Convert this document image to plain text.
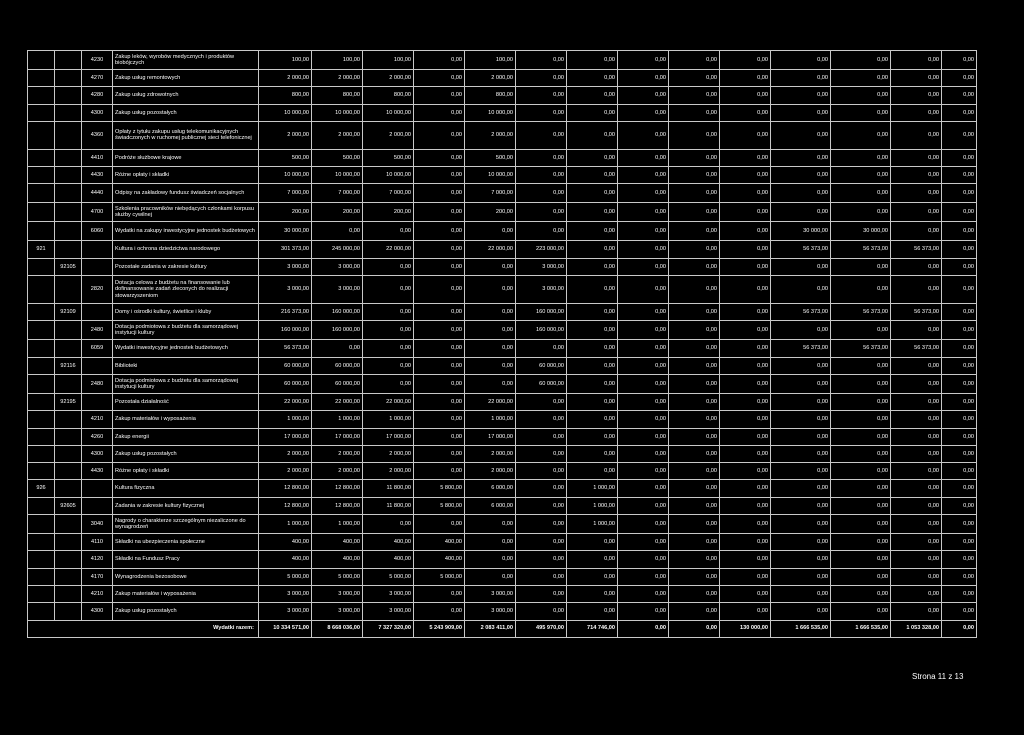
		4230	Zakup leków, wyrobów medycznych i produktów biobójczych	100,00	100,00	100,00	0,00	100,00	0,00	0,00	0,00	0,00	0,00	0,00	0,00	0,00	0,00
		4270	Zakup usług remontowych	2 000,00	2 000,00	2 000,00	0,00	2 000,00	0,00	0,00	0,00	0,00	0,00	0,00	0,00	0,00	0,00
		4280	Zakup usług zdrowotnych	800,00	800,00	800,00	0,00	800,00	0,00	0,00	0,00	0,00	0,00	0,00	0,00	0,00	0,00
		4300	Zakup usług pozostałych	10 000,00	10 000,00	10 000,00	0,00	10 000,00	0,00	0,00	0,00	0,00	0,00	0,00	0,00	0,00	0,00
		4360	Opłaty z tytułu zakupu usług telekomunikacyjnych świadczonych w ruchomej publicznej sieci telefonicznej	2 000,00	2 000,00	2 000,00	0,00	2 000,00	0,00	0,00	0,00	0,00	0,00	0,00	0,00	0,00	0,00
		4410	Podróże służbowe krajowe	500,00	500,00	500,00	0,00	500,00	0,00	0,00	0,00	0,00	0,00	0,00	0,00	0,00	0,00
		4430	Różne opłaty i składki	10 000,00	10 000,00	10 000,00	0,00	10 000,00	0,00	0,00	0,00	0,00	0,00	0,00	0,00	0,00	0,00
		4440	Odpisy na zakładowy fundusz świadczeń socjalnych	7 000,00	7 000,00	7 000,00	0,00	7 000,00	0,00	0,00	0,00	0,00	0,00	0,00	0,00	0,00	0,00
		4700	Szkolenia pracowników niebędących członkami korpusu służby cywilnej	200,00	200,00	200,00	0,00	200,00	0,00	0,00	0,00	0,00	0,00	0,00	0,00	0,00	0,00
		6060	Wydatki na zakupy inwestycyjne jednostek budżetowych	30 000,00	0,00	0,00	0,00	0,00	0,00	0,00	0,00	0,00	0,00	30 000,00	30 000,00	0,00	0,00
921			Kultura i ochrona dziedzictwa narodowego	301 373,00	245 000,00	22 000,00	0,00	22 000,00	223 000,00	0,00	0,00	0,00	0,00	56 373,00	56 373,00	56 373,00	0,00
	92105		Pozostałe zadania w zakresie kultury	3 000,00	3 000,00	0,00	0,00	0,00	3 000,00	0,00	0,00	0,00	0,00	0,00	0,00	0,00	0,00
		2820	Dotacja celowa z budżetu na finansowanie lub dofinansowanie zadań zleconych do realizacji stowarzyszeniom	3 000,00	3 000,00	0,00	0,00	0,00	3 000,00	0,00	0,00	0,00	0,00	0,00	0,00	0,00	0,00
	92109		Domy i ośrodki kultury, świetlice i kluby	216 373,00	160 000,00	0,00	0,00	0,00	160 000,00	0,00	0,00	0,00	0,00	56 373,00	56 373,00	56 373,00	0,00
		2480	Dotacja podmiotowa z budżetu dla samorządowej instytucji kultury	160 000,00	160 000,00	0,00	0,00	0,00	160 000,00	0,00	0,00	0,00	0,00	0,00	0,00	0,00	0,00
		6059	Wydatki inwestycyjne jednostek budżetowych	56 373,00	0,00	0,00	0,00	0,00	0,00	0,00	0,00	0,00	0,00	56 373,00	56 373,00	56 373,00	0,00
	92116		Biblioteki	60 000,00	60 000,00	0,00	0,00	0,00	60 000,00	0,00	0,00	0,00	0,00	0,00	0,00	0,00	0,00
		2480	Dotacja podmiotowa z budżetu dla samorządowej instytucji kultury	60 000,00	60 000,00	0,00	0,00	0,00	60 000,00	0,00	0,00	0,00	0,00	0,00	0,00	0,00	0,00
	92195		Pozostała działalność	22 000,00	22 000,00	22 000,00	0,00	22 000,00	0,00	0,00	0,00	0,00	0,00	0,00	0,00	0,00	0,00
		4210	Zakup materiałów i wyposażenia	1 000,00	1 000,00	1 000,00	0,00	1 000,00	0,00	0,00	0,00	0,00	0,00	0,00	0,00	0,00	0,00
		4260	Zakup energii	17 000,00	17 000,00	17 000,00	0,00	17 000,00	0,00	0,00	0,00	0,00	0,00	0,00	0,00	0,00	0,00
		4300	Zakup usług pozostałych	2 000,00	2 000,00	2 000,00	0,00	2 000,00	0,00	0,00	0,00	0,00	0,00	0,00	0,00	0,00	0,00
		4430	Różne opłaty i składki	2 000,00	2 000,00	2 000,00	0,00	2 000,00	0,00	0,00	0,00	0,00	0,00	0,00	0,00	0,00	0,00
926			Kultura fizyczna	12 800,00	12 800,00	11 800,00	5 800,00	6 000,00	0,00	1 000,00	0,00	0,00	0,00	0,00	0,00	0,00	0,00
	92605		Zadania w zakresie kultury fizycznej	12 800,00	12 800,00	11 800,00	5 800,00	6 000,00	0,00	1 000,00	0,00	0,00	0,00	0,00	0,00	0,00	0,00
		3040	Nagrody o charakterze szczególnym niezaliczone do wynagrodzeń	1 000,00	1 000,00	0,00	0,00	0,00	0,00	1 000,00	0,00	0,00	0,00	0,00	0,00	0,00	0,00
		4110	Składki na ubezpieczenia społeczne	400,00	400,00	400,00	400,00	0,00	0,00	0,00	0,00	0,00	0,00	0,00	0,00	0,00	0,00
		4120	Składki na Fundusz Pracy	400,00	400,00	400,00	400,00	0,00	0,00	0,00	0,00	0,00	0,00	0,00	0,00	0,00	0,00
		4170	Wynagrodzenia bezosobowe	5 000,00	5 000,00	5 000,00	5 000,00	0,00	0,00	0,00	0,00	0,00	0,00	0,00	0,00	0,00	0,00
		4210	Zakup materiałów i wyposażenia	3 000,00	3 000,00	3 000,00	0,00	3 000,00	0,00	0,00	0,00	0,00	0,00	0,00	0,00	0,00	0,00
		4300	Zakup usług pozostałych	3 000,00	3 000,00	3 000,00	0,00	3 000,00	0,00	0,00	0,00	0,00	0,00	0,00	0,00	0,00	0,00
Wydatki razem:				10 334 571,00	8 668 036,00	7 327 320,00	5 243 909,00	2 083 411,00	495 970,00	714 746,00	0,00	0,00	130 000,00	1 666 535,00	1 666 535,00	1 053 328,00	0,00
Strona 11 z 13
